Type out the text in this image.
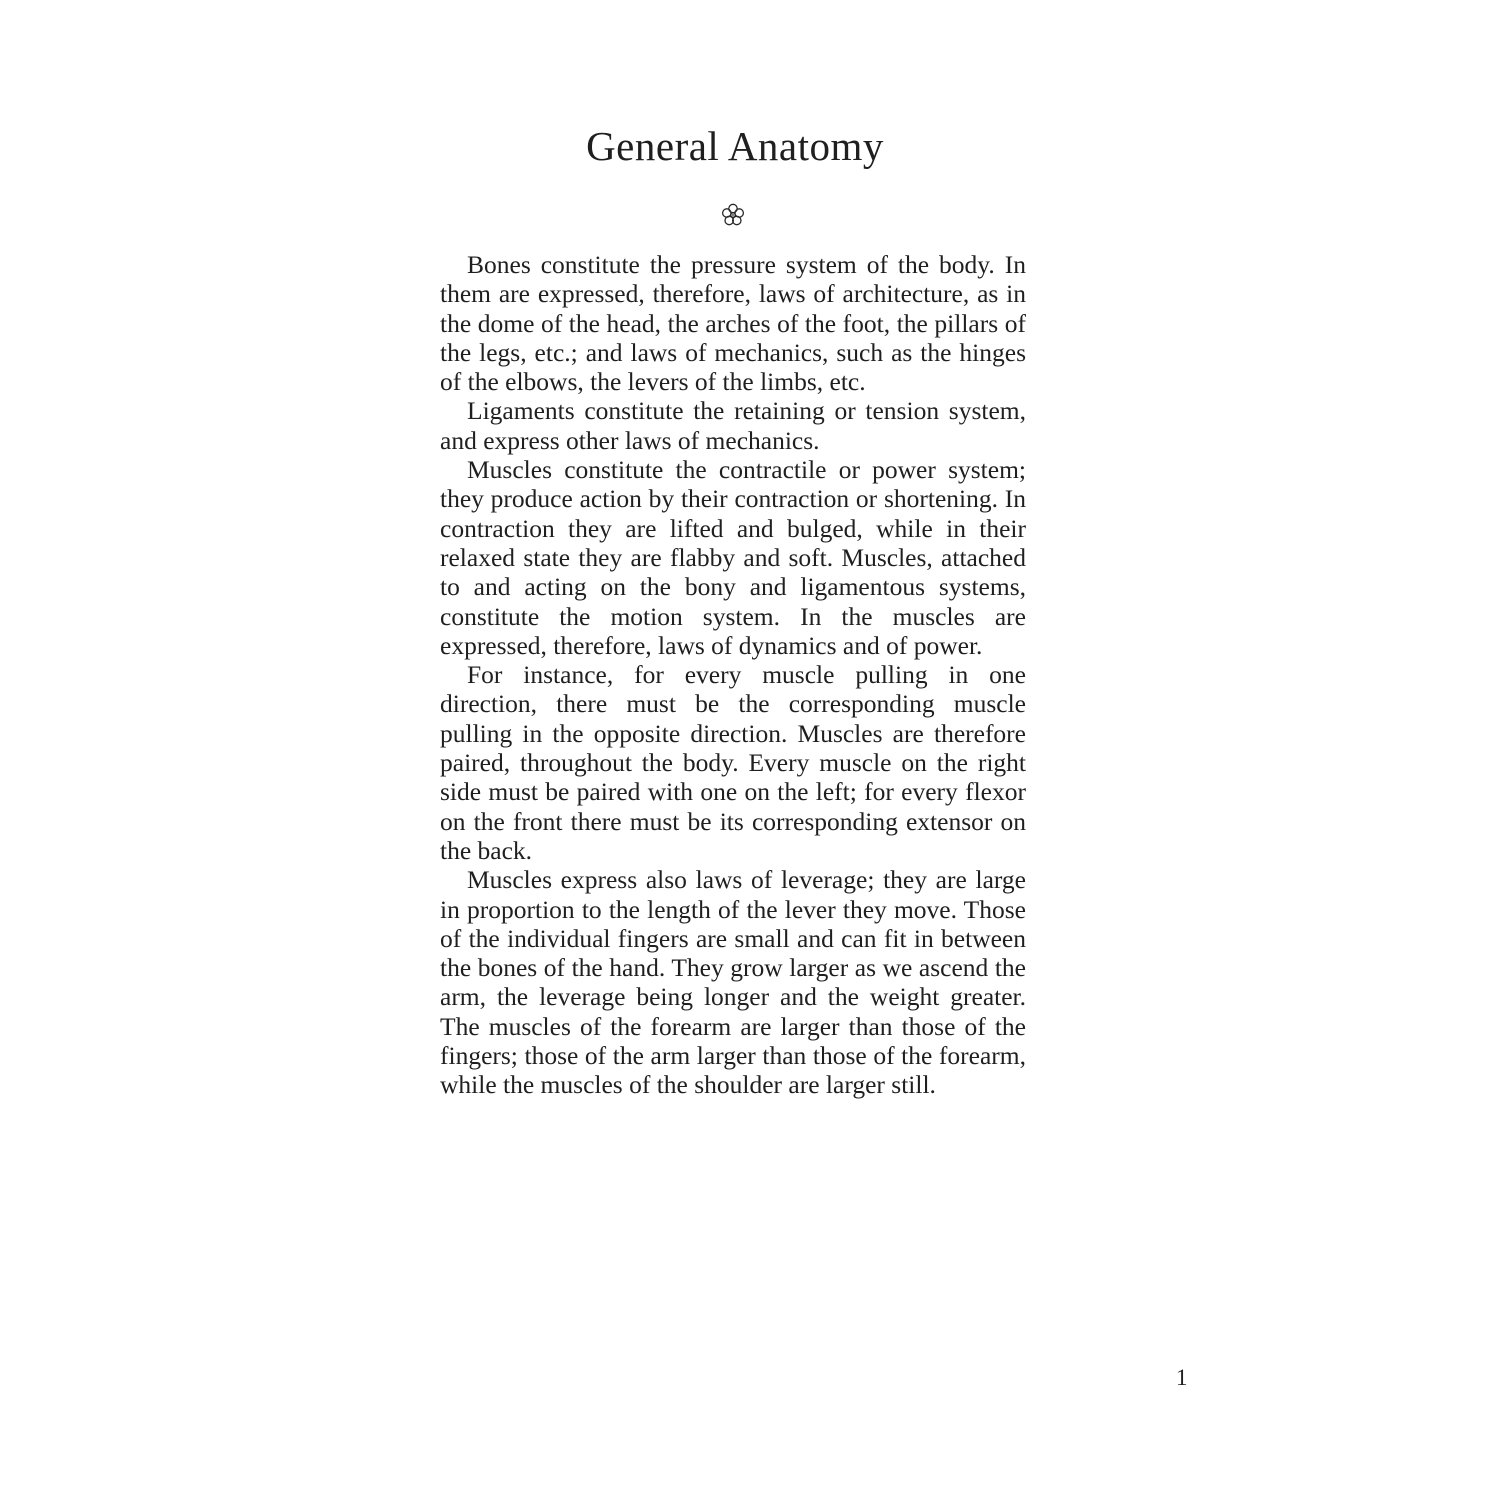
General Anatomy

Bones constitute the pressure system of the body. In them are expressed, therefore, laws of architecture, as in the dome of the head, the arches of the foot, the pillars of the legs, etc.; and laws of mechanics, such as the hinges of the elbows, the levers of the limbs, etc.

Ligaments constitute the retaining or tension system, and express other laws of mechanics.

Muscles constitute the contractile or power system; they produce action by their contraction or shortening. In contraction they are lifted and bulged, while in their relaxed state they are flabby and soft. Muscles, attached to and acting on the bony and ligamentous systems, constitute the motion system. In the muscles are expressed, therefore, laws of dynamics and of power.

For instance, for every muscle pulling in one direction, there must be the corresponding muscle pulling in the opposite direction. Muscles are therefore paired, throughout the body. Every muscle on the right side must be paired with one on the left; for every flexor on the front there must be its corresponding extensor on the back.

Muscles express also laws of leverage; they are large in proportion to the length of the lever they move. Those of the individual fingers are small and can fit in between the bones of the hand. They grow larger as we ascend the arm, the leverage being longer and the weight greater. The muscles of the forearm are larger than those of the fingers; those of the arm larger than those of the forearm, while the muscles of the shoulder are larger still.

1
